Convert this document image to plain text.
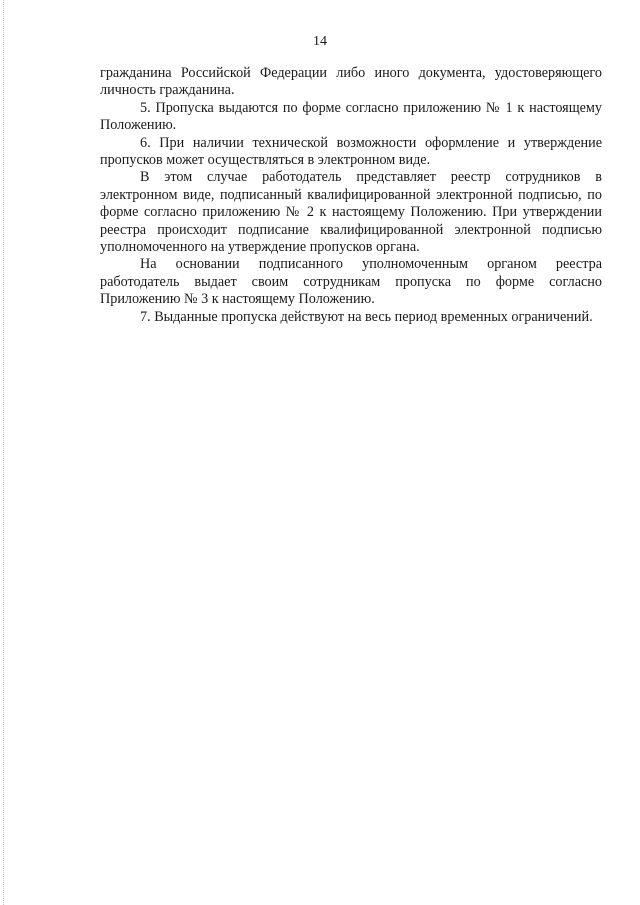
14

гражданина Российской Федерации либо иного документа, удостоверяющего личность гражданина.

5. Пропуска выдаются по форме согласно приложению № 1 к настоящему Положению.

6. При наличии технической возможности оформление и утверждение пропусков может осуществляться в электронном виде.

В этом случае работодатель представляет реестр сотрудников в электронном виде, подписанный квалифицированной электронной подписью, по форме согласно приложению № 2 к настоящему Положению. При утверждении реестра происходит подписание квалифицированной электронной подписью уполномоченного на утверждение пропусков органа.

На основании подписанного уполномоченным органом реестра работодатель выдает своим сотрудникам пропуска по форме согласно Приложению № 3 к настоящему Положению.

7. Выданные пропуска действуют на весь период временных ограничений.
